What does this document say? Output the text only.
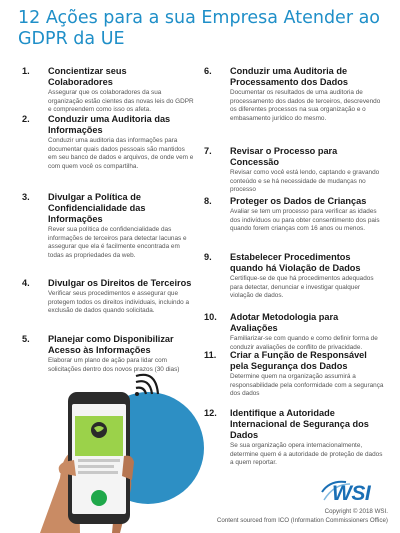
12 Ações para a sua Empresa Atender ao GDPR da UE
1. Concientizar seus Colaboradores
Assegurar que os colaboradores da sua organização estão cientes das novas leis do GDPR e compreendem como isso os afeta.
2. Conduzir uma Auditoria das Informações
Conduzir uma auditoria das informações para documentar quais dados pessoais são mantidos em seu banco de dados e arquivos, de onde vem e com quem você os compartilha.
3. Divulgar a Política de Confidencialidade das Informações
Rever sua política de confidencialidade das informações de terceiros para detectar lacunas e assegurar que ela é facilmente encontrada em todas as propriedades da web.
4. Divulgar os Direitos de Terceiros
Verificar seus procedimentos e assegurar que protegem todos os direitos individuais, incluindo a exclusão de dados quando solicitada.
5. Planejar como Disponibilizar Acesso às Informações
Elaborar um plano de ação para lidar com solicitações dentro dos novos prazos (30 dias)
6. Conduzir uma Auditoria de Processamento dos Dados
Documentar os resultados de uma auditoria de processamento dos dados de terceiros, descrevendo os diferentes processos na sua organização e o embasamento jurídico do mesmo.
7. Revisar o Processo para Concessão
Revisar como você está lendo, captando e gravando conteúdo e se há necessidade de mudanças no processo
8. Proteger os Dados de Crianças
Avaliar se tem um processo para verificar as idades dos indivíduos ou para obter consentimento dos pais quando forem crianças com 16 anos ou menos.
9. Estabelecer Procedimentos quando há Violação de Dados
Certifique-se de que há procedimentos adequados para detectar, denunciar e investigar qualquer violação de dados.
10. Adotar Metodologia para Avaliações
Familiarizar-se com quando e como definir forma de conduzir avaliações de conflito de privacidade.
11. Criar a Função de Responsável pela Segurança dos Dados
Determine quem na organização assumirá a responsabilidade pela conformidade com a segurança dos dados
12. Identifique a Autoridade Internacional de Segurança dos Dados
Se sua organização opera internacionalmente, determine quem é a autoridade de proteção de dados a quem reportar.
WSI
Copyright © 2018 WSI.
Content sourced from ICO (Information Commissioners Office)
